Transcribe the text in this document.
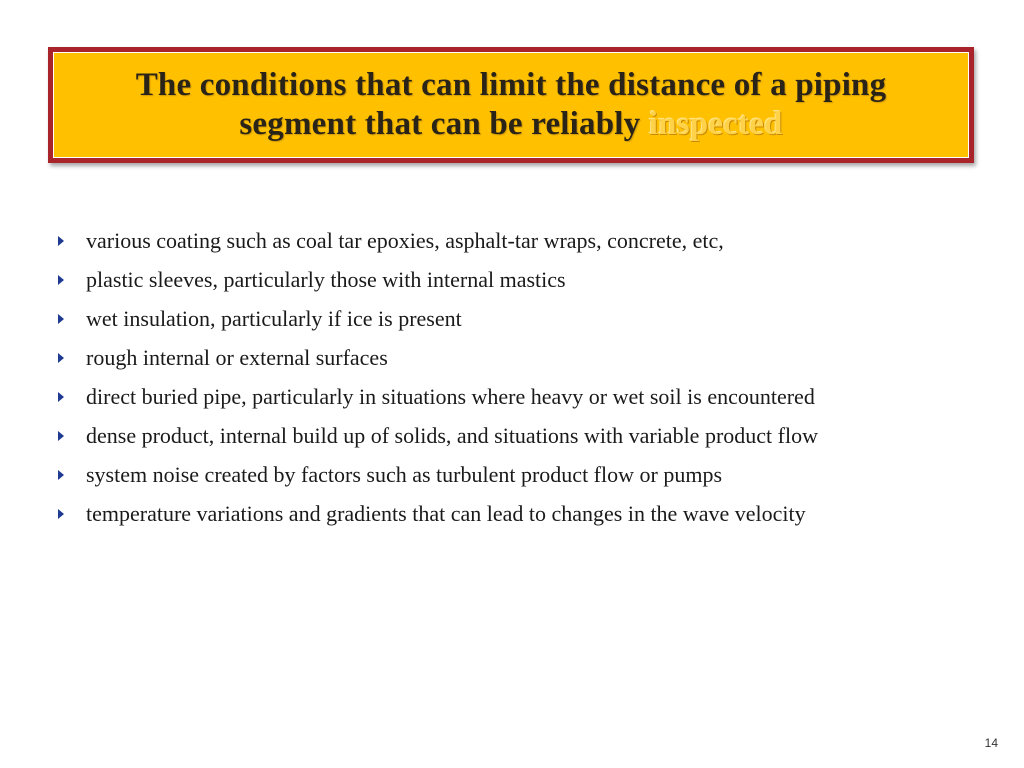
The conditions that can limit the distance of a piping
segment that can be reliably inspected
various coating such as coal tar epoxies, asphalt-tar wraps, concrete, etc,
plastic sleeves, particularly those with internal mastics
wet insulation, particularly if ice is present
rough internal or external surfaces
direct buried pipe, particularly in situations where heavy or wet soil is encountered
dense product, internal build up of solids, and situations with variable product flow
system noise created by factors such as turbulent product flow or pumps
temperature variations and gradients that can lead to changes in the wave velocity
14
